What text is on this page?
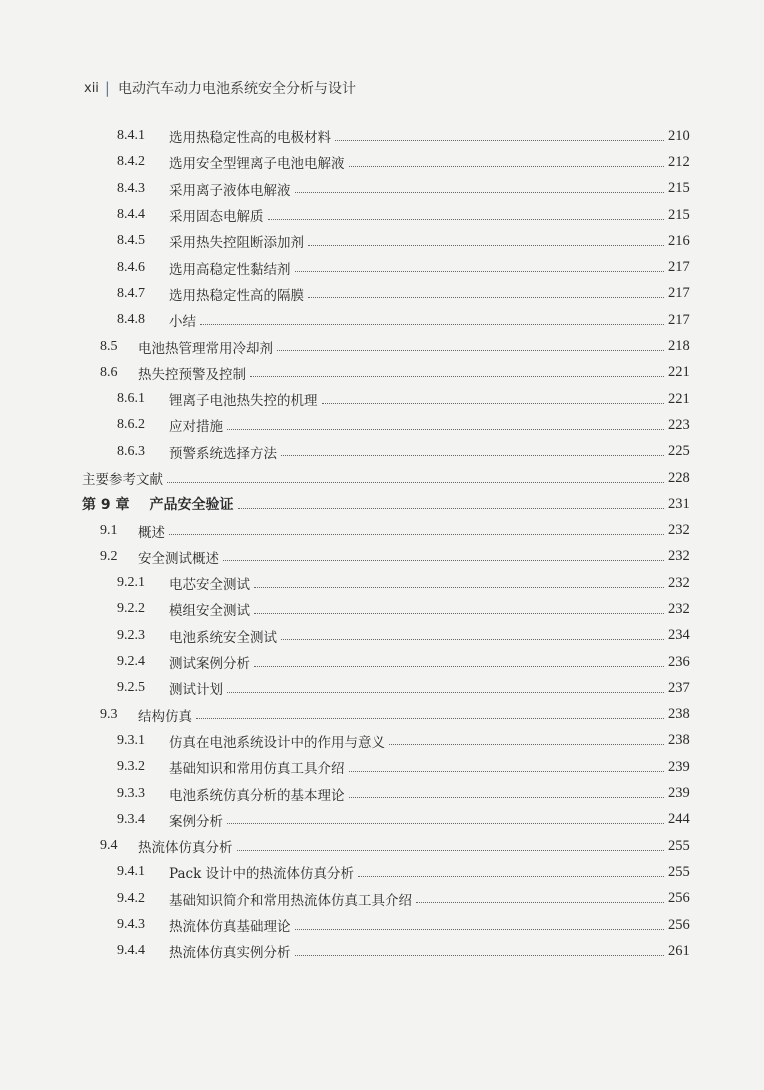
xii | 电动汽车动力电池系统安全分析与设计
8.4.1	选用热稳定性高的电极材料	210
8.4.2	选用安全型锂离子电池电解液	212
8.4.3	采用离子液体电解液	215
8.4.4	采用固态电解质	215
8.4.5	采用热失控阻断添加剂	216
8.4.6	选用高稳定性黏结剂	217
8.4.7	选用热稳定性高的隔膜	217
8.4.8	小结	217
8.5	电池热管理常用冷却剂	218
8.6	热失控预警及控制	221
8.6.1	锂离子电池热失控的机理	221
8.6.2	应对措施	223
8.6.3	预警系统选择方法	225
主要参考文献	228
第 9 章 产品安全验证	231
9.1	概述	232
9.2	安全测试概述	232
9.2.1	电芯安全测试	232
9.2.2	模组安全测试	232
9.2.3	电池系统安全测试	234
9.2.4	测试案例分析	236
9.2.5	测试计划	237
9.3	结构仿真	238
9.3.1	仿真在电池系统设计中的作用与意义	238
9.3.2	基础知识和常用仿真工具介绍	239
9.3.3	电池系统仿真分析的基本理论	239
9.3.4	案例分析	244
9.4	热流体仿真分析	255
9.4.1	Pack 设计中的热流体仿真分析	255
9.4.2	基础知识简介和常用热流体仿真工具介绍	256
9.4.3	热流体仿真基础理论	256
9.4.4	热流体仿真实例分析	261
